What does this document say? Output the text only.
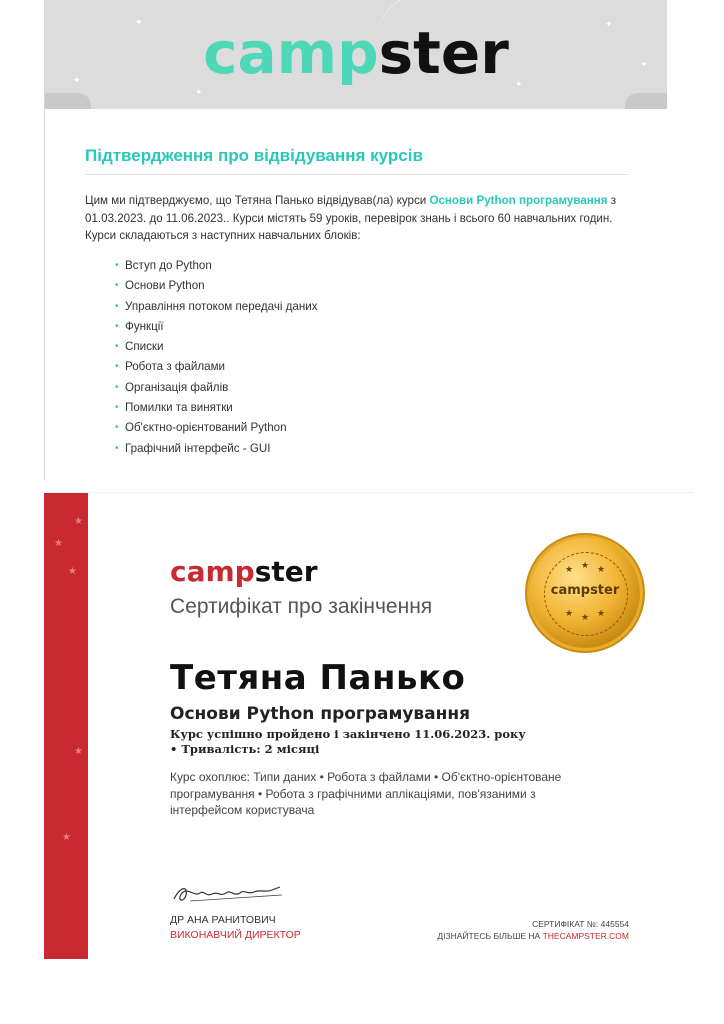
✦
✦
✦
✦
✦
✦
campster
Підтвердження про відвідування курсів
Цим ми підтверджуємо, що Тетяна Панько відвідував(ла) курси Основи Python програмування з 01.03.2023. до 11.06.2023.. Курси містять 59 уроків, перевірок знань і всього 60 навчальних годин. Курси складаються з наступних навчальних блоків:
• Вступ до Python
• Основи Python
• Управління потоком передачі даних
• Функції
• Списки
• Робота з файлами
• Організація файлів
• Помилки та винятки
• Об'єктно-орієнтований Python
• Графічний інтерфейс - GUI
★
★
★
★
★
campster
Сертифікат про закінчення
★ ★ ★
campster
★ ★ ★
Тетяна Панько
Основи Python програмування
Курс успішно пройдено і закінчено 11.06.2023. року • Тривалість: 2 місяці
Курс охоплює: Типи даних • Робота з файлами • Об'єктно-орієнтоване програмування • Робота з графічними аплікаціями, пов'язаними з інтерфейсом користувача
ДР АНА РАНИТОВИЧ
ВИКОНАВЧИЙ ДИРЕКТОР
СЕРТИФІКАТ №: 445554
ДІЗНАЙТЕСЬ БІЛЬШЕ НА THECAMPSTER.COM
